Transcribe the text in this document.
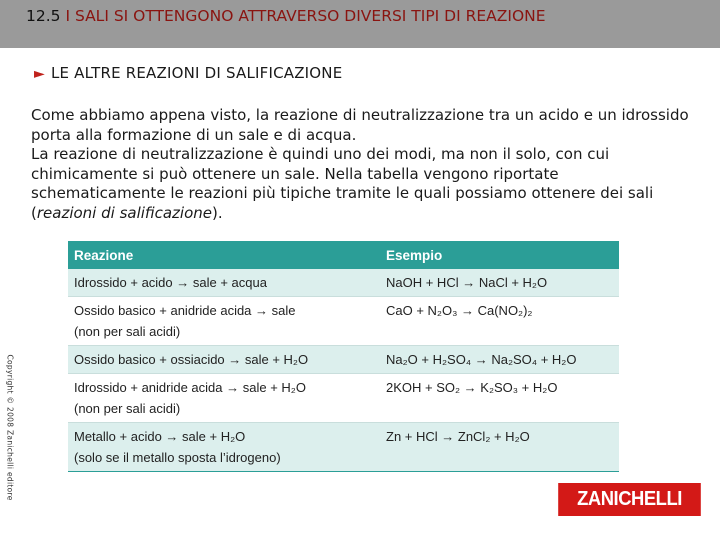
12.5 I SALI SI OTTENGONO ATTRAVERSO DIVERSI TIPI DI REAZIONE
► LE ALTRE REAZIONI DI SALIFICAZIONE

Come abbiamo appena visto, la reazione di neutralizzazione tra un acido e un idrossido porta alla formazione di un sale e di acqua.

La reazione di neutralizzazione è quindi uno dei modi, ma non il solo, con cui chimicamente si può ottenere un sale. Nella tabella vengono riportate schematicamente le reazioni più tipiche tramite le quali possiamo ottenere dei sali (reazioni di salificazione).

Copyright © 2008 Zanichelli editore
Reazione	Esempio

Idrossido + acido → sale + acqua	NaOH + HCl → NaCl + H₂O

Ossido basico + anidride acida → sale
(non per sali acidi)	CaO + N₂O₃ → Ca(NO₂)₂

Ossido basico + ossiacido → sale + H₂O	Na₂O + H₂SO₄ → Na₂SO₄ + H₂O

Idrossido + anidride acida → sale + H₂O
(non per sali acidi)	2KOH + SO₂ → K₂SO₃ + H₂O

Metallo + acido → sale + H₂O
(solo se il metallo sposta l’idrogeno)	Zn + HCl → ZnCl₂ + H₂O
ZANICHELLI
